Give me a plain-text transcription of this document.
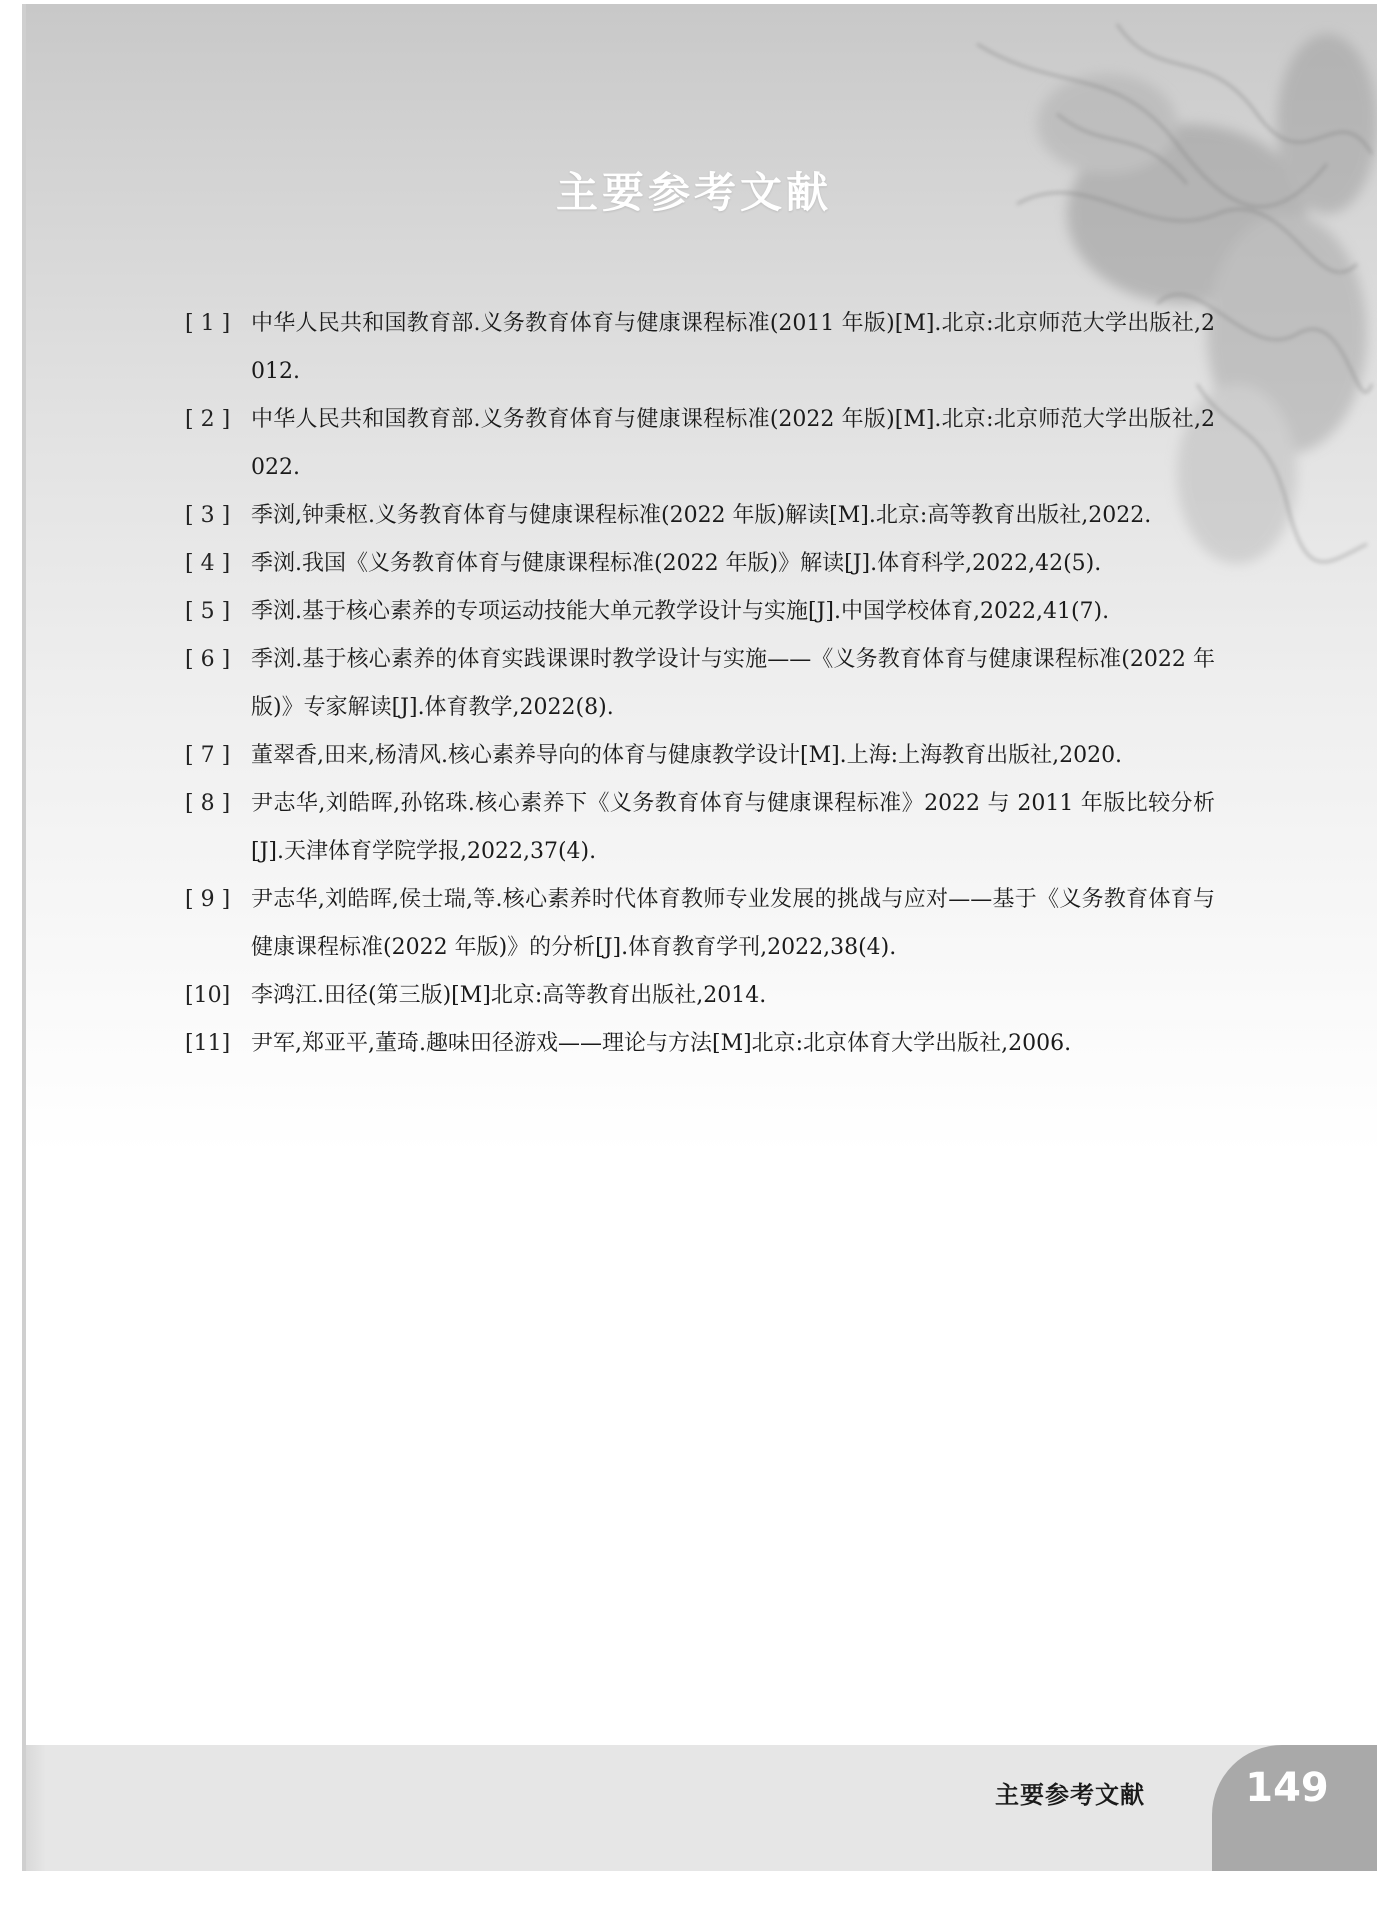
主要参考文献
[ 1 ] 中华人民共和国教育部.义务教育体育与健康课程标准(2011 年版)[M].北京:北京师范大学出版社,2012.
[ 2 ] 中华人民共和国教育部.义务教育体育与健康课程标准(2022 年版)[M].北京:北京师范大学出版社,2022.
[ 3 ] 季浏,钟秉枢.义务教育体育与健康课程标准(2022 年版)解读[M].北京:高等教育出版社,2022.
[ 4 ] 季浏.我国《义务教育体育与健康课程标准(2022 年版)》解读[J].体育科学,2022,42(5).
[ 5 ] 季浏.基于核心素养的专项运动技能大单元教学设计与实施[J].中国学校体育,2022,41(7).
[ 6 ] 季浏.基于核心素养的体育实践课课时教学设计与实施——《义务教育体育与健康课程标准(2022 年版)》专家解读[J].体育教学,2022(8).
[ 7 ] 董翠香,田来,杨清风.核心素养导向的体育与健康教学设计[M].上海:上海教育出版社,2020.
[ 8 ] 尹志华,刘皓晖,孙铭珠.核心素养下《义务教育体育与健康课程标准》2022 与 2011 年版比较分析[J].天津体育学院学报,2022,37(4).
[ 9 ] 尹志华,刘皓晖,侯士瑞,等.核心素养时代体育教师专业发展的挑战与应对——基于《义务教育体育与健康课程标准(2022 年版)》的分析[J].体育教育学刊,2022,38(4).
[10] 李鸿江.田径(第三版)[M]北京:高等教育出版社,2014.
[11] 尹军,郑亚平,董琦.趣味田径游戏——理论与方法[M]北京:北京体育大学出版社,2006.
主要参考文献	149
